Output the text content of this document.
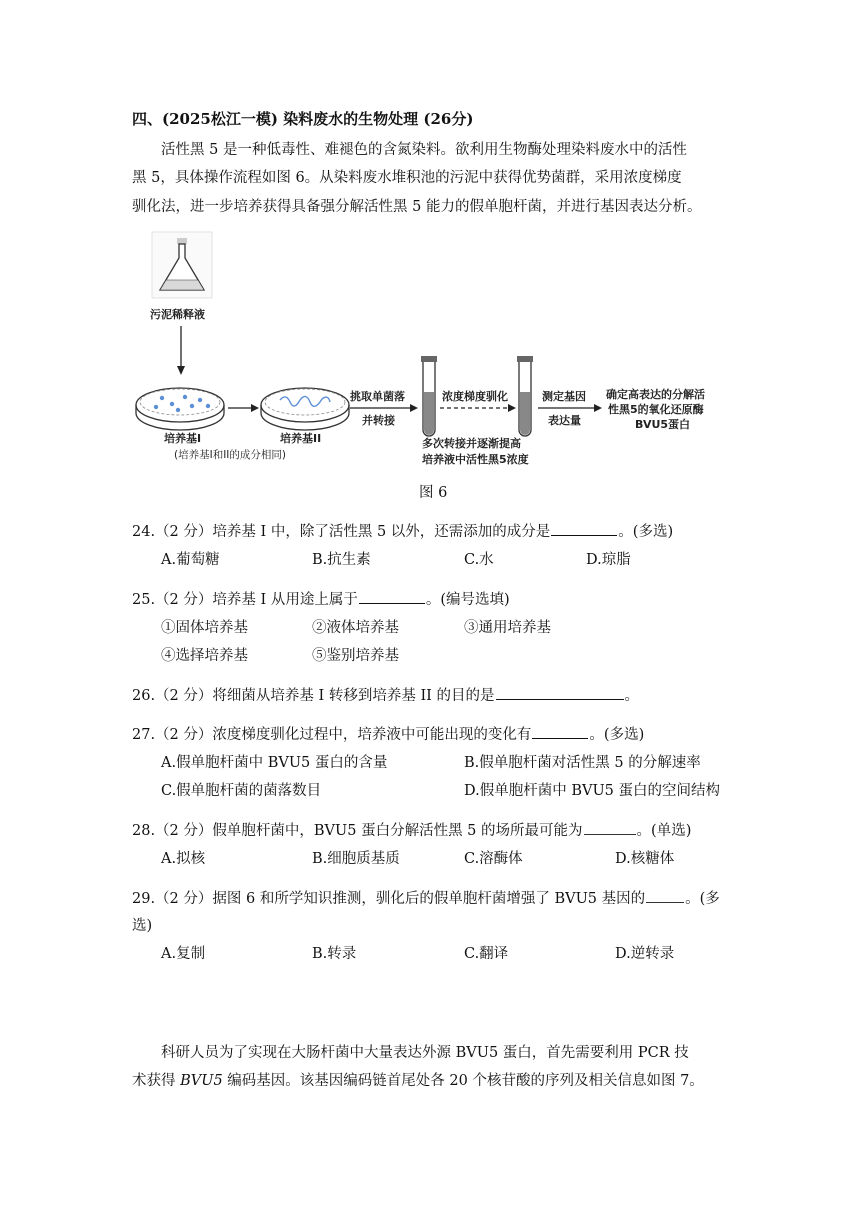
四、(2025松江一模) 染料废水的生物处理 (26分)
活性黑 5 是一种低毒性、难褪色的含氮染料。欲利用生物酶处理染料废水中的活性
黑 5，具体操作流程如图 6。从染料废水堆积池的污泥中获得优势菌群，采用浓度梯度
驯化法，进一步培养获得具备强分解活性黑 5 能力的假单胞杆菌，并进行基因表达分析。
污泥稀释液
培养基I
(培养基I和II的成分相同)
培养基II
挑取单菌落
并转接
浓度梯度驯化
多次转接并逐渐提高
培养液中活性黑5浓度
测定基因
表达量
确定高表达的分解活
性黑5的氧化还原酶
BVU5蛋白
图 6
24.（2 分）培养基 I 中，除了活性黑 5 以外，还需添加的成分是	。(多选)
A.葡萄糖	B.抗生素	C.水	D.琼脂
25.（2 分）培养基 I 从用途上属于	。(编号选填)
①固体培养基	②液体培养基	③通用培养基
④选择培养基	⑤鉴别培养基
26.（2 分）将细菌从培养基 I 转移到培养基 II 的目的是	。
27.（2 分）浓度梯度驯化过程中，培养液中可能出现的变化有	。(多选)
A.假单胞杆菌中 BVU5 蛋白的含量	B.假单胞杆菌对活性黑 5 的分解速率
C.假单胞杆菌的菌落数目	D.假单胞杆菌中 BVU5 蛋白的空间结构
28.（2 分）假单胞杆菌中，BVU5 蛋白分解活性黑 5 的场所最可能为	。(单选)
A.拟核	B.细胞质基质	C.溶酶体	D.核糖体
29.（2 分）据图 6 和所学知识推测，驯化后的假单胞杆菌增强了 BVU5 基因的	。(多
选)
A.复制	B.转录	C.翻译	D.逆转录
科研人员为了实现在大肠杆菌中大量表达外源 BVU5 蛋白，首先需要利用 PCR 技
术获得 BVU5 编码基因。该基因编码链首尾处各 20 个核苷酸的序列及相关信息如图 7。
